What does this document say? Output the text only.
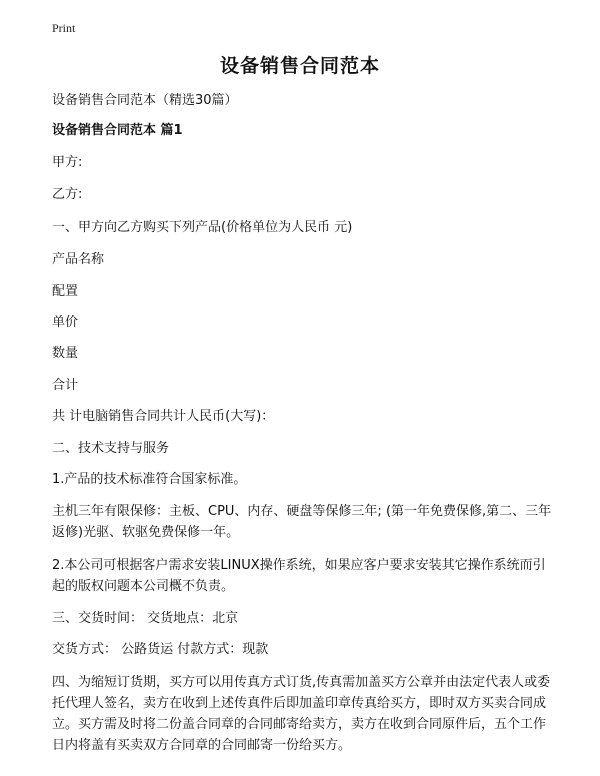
Print
设备销售合同范本
设备销售合同范本（精选30篇）
设备销售合同范本 篇1
甲方:
乙方:
一、甲方向乙方购买下列产品(价格单位为人民币 元)
产品名称
配置
单价
数量
合计
共 计电脑销售合同共计人民币(大写)：
二、技术支持与服务
1.产品的技术标准符合国家标准。
主机三年有限保修：主板、CPU、内存、硬盘等保修三年; (第一年免费保修,第二、三年返修)光驱、软驱免费保修一年。
2.本公司可根据客户需求安装LINUX操作系统，如果应客户要求安装其它操作系统而引起的版权问题本公司概不负责。
三、交货时间： 交货地点：北京
交货方式： 公路货运 付款方式：现款
四、为缩短订货期，买方可以用传真方式订货,传真需加盖买方公章并由法定代表人或委托代理人签名，卖方在收到上述传真件后即加盖印章传真给买方，即时双方买卖合同成立。买方需及时将二份盖合同章的合同邮寄给卖方，卖方在收到合同原件后，五个工作日内将盖有买卖双方合同章的合同邮寄一份给买方。
